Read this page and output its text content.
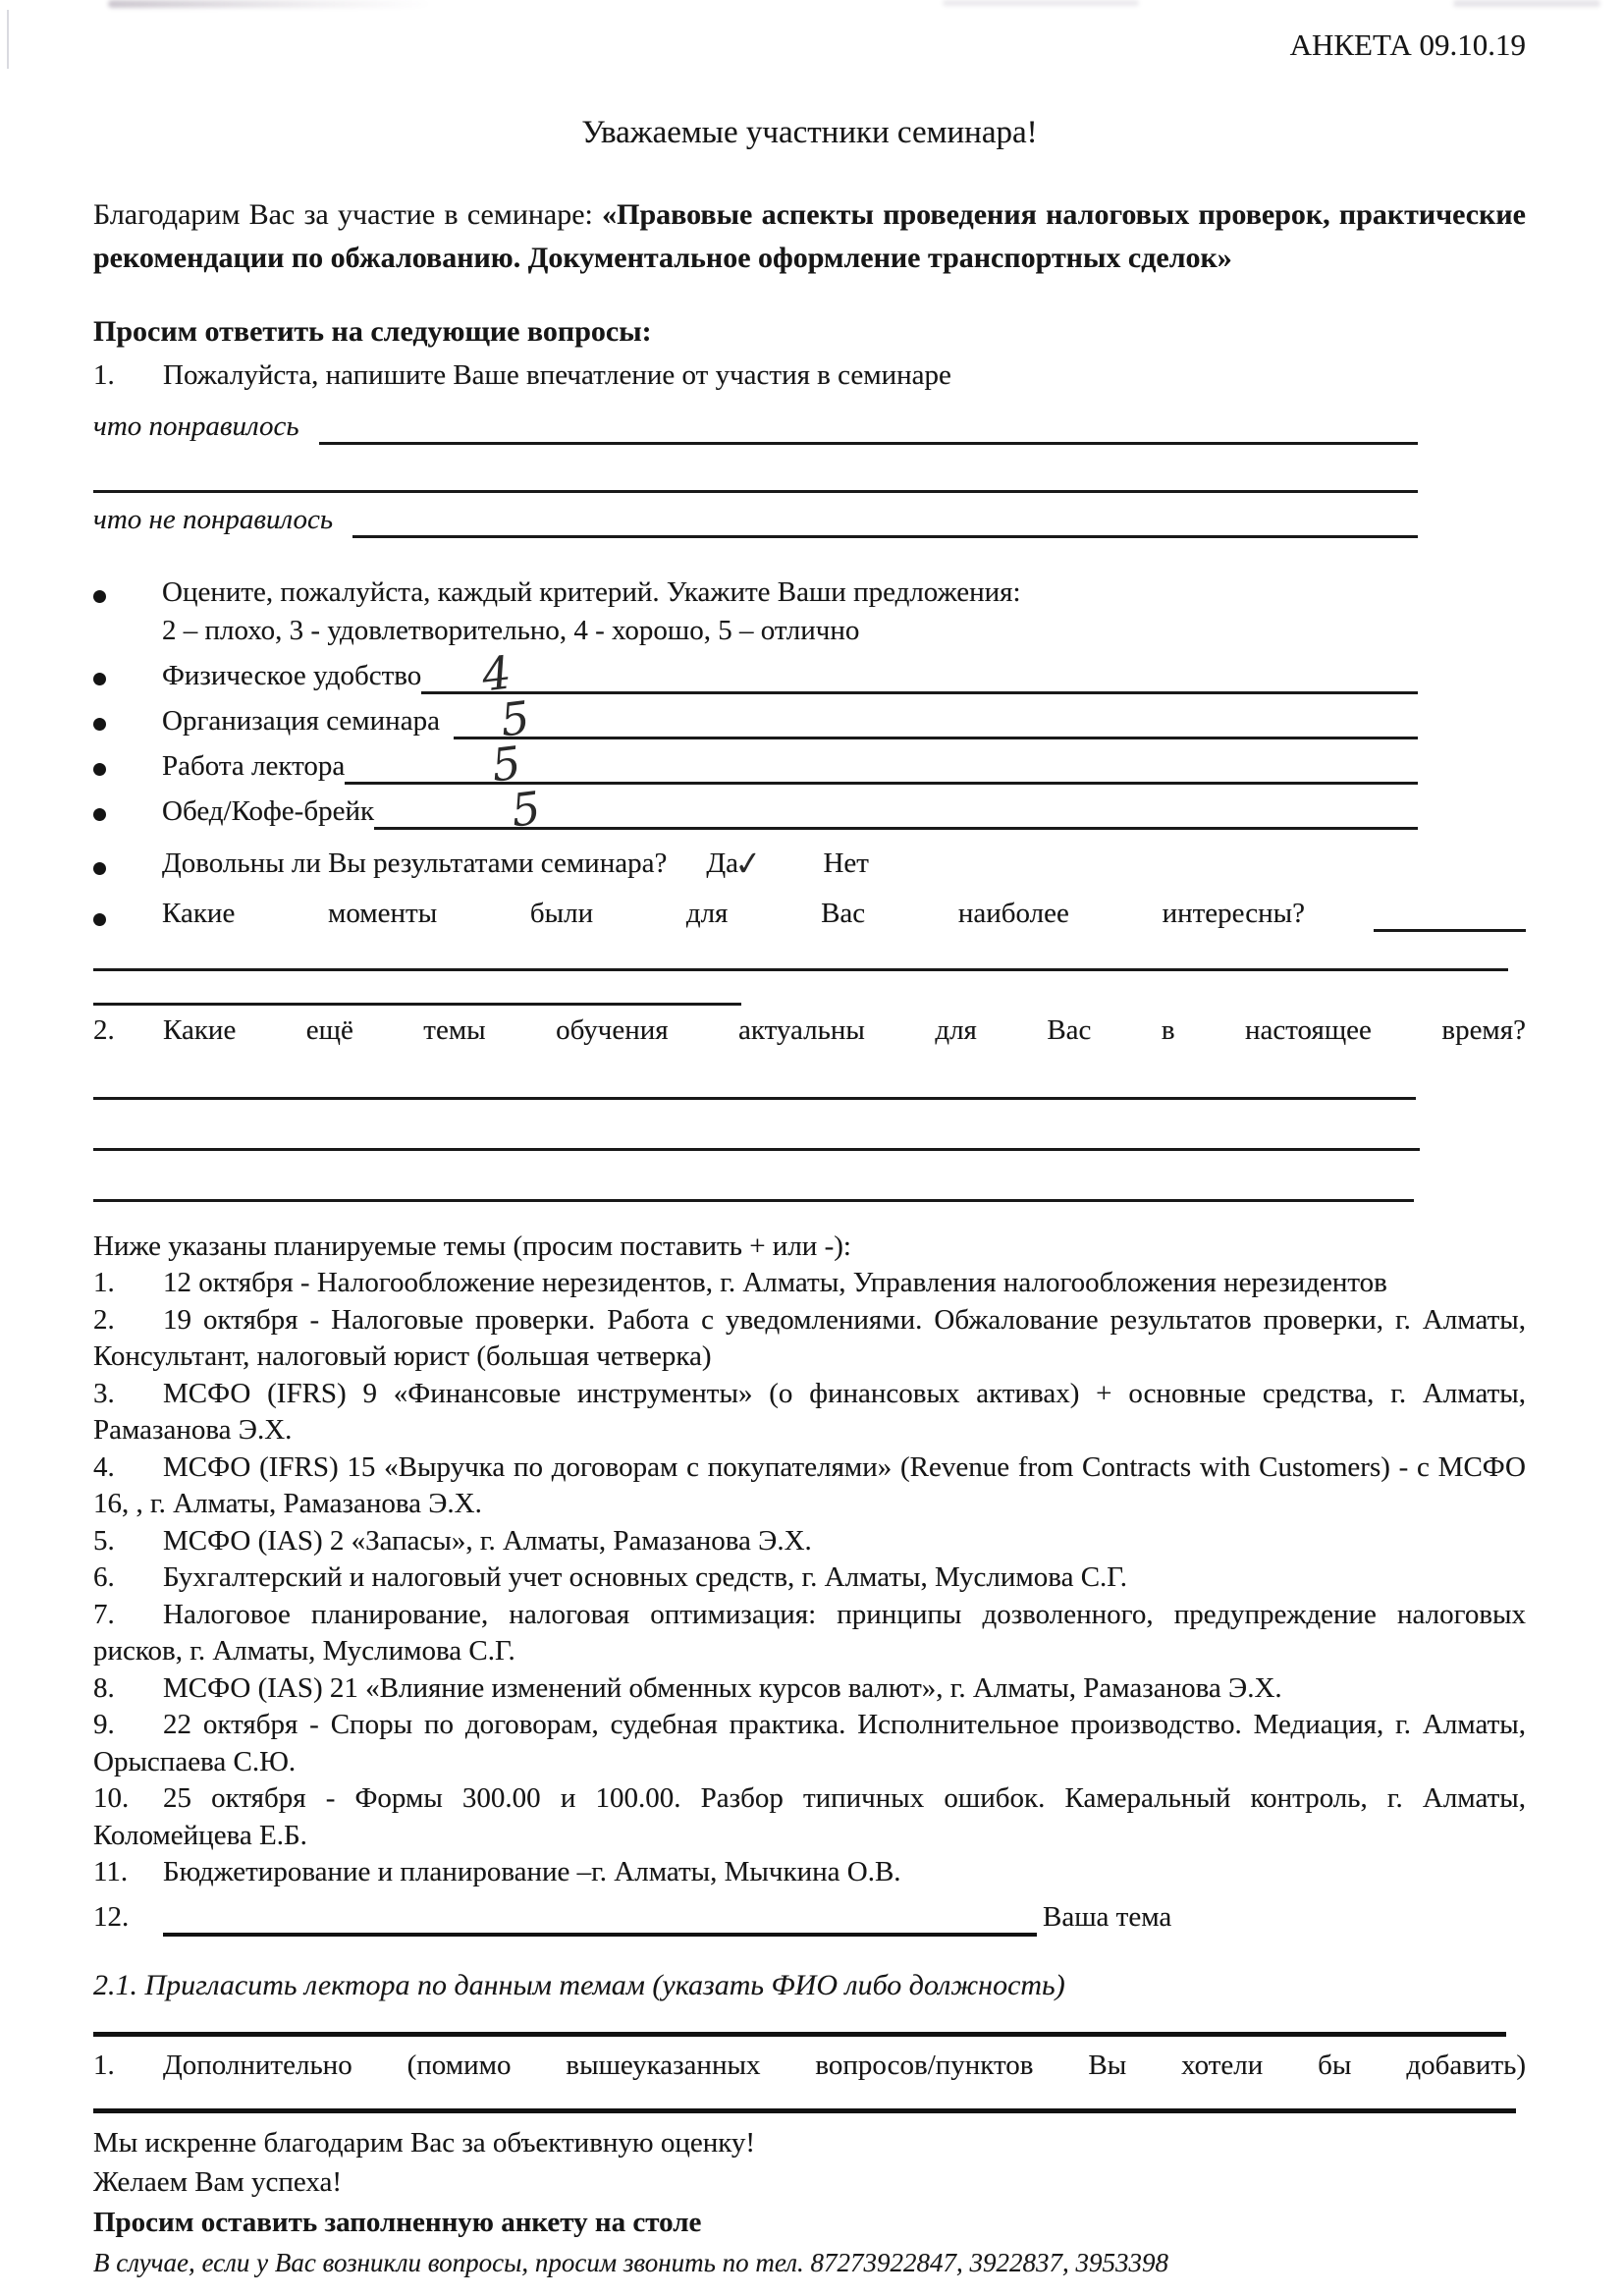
АНКЕТА 09.10.19
Уважаемые участники семинара!

Благодарим Вас за участие в семинаре: «Правовые аспекты проведения налоговых проверок, практические рекомендации по обжалованию. Документальное оформление транспортных сделок»

Просим ответить на следующие вопросы:
1.	Пожалуйста, напишите Ваше впечатление от участия в семинаре
что понравилось
что не понравилось
Оцените, пожалуйста, каждый критерий. Укажите Ваши предложения:
2 – плохо, 3 - удовлетворительно, 4 - хорошо, 5 – отлично
Физическое удобство	4
Организация семинара	5
Работа лектора	5
Обед/Кофе-брейк	5
Довольны ли Вы результатами семинара? Да✓ Нет
Какие моменты были для Вас наиболее интересны?
2.	Какие ещё темы обучения актуальны для Вас в настоящее время?
Ниже указаны планируемые темы (просим поставить + или -):

1. 12 октября - Налогообложение нерезидентов, г. Алматы, Управления налогообложения нерезидентов

2. 19 октября - Налоговые проверки. Работа с уведомлениями. Обжалование результатов проверки, г. Алматы, Консультант, налоговый юрист (большая четверка)

3. МСФО (IFRS) 9 «Финансовые инструменты» (о финансовых активах) + основные средства, г. Алматы, Рамазанова Э.Х.

4. МСФО (IFRS) 15 «Выручка по договорам с покупателями» (Revenue from Contracts with Customers) - с МСФО 16, , г. Алматы, Рамазанова Э.Х.

5. МСФО (IAS) 2 «Запасы», г. Алматы, Рамазанова Э.Х.

6. Бухгалтерский и налоговый учет основных средств, г. Алматы, Муслимова С.Г.

7. Налоговое планирование, налоговая оптимизация: принципы дозволенного, предупреждение налоговых рисков, г. Алматы, Муслимова С.Г.

8. МСФО (IAS) 21 «Влияние изменений обменных курсов валют», г. Алматы, Рамазанова Э.Х.

9. 22 октября - Споры по договорам, судебная практика. Исполнительное производство. Медиация, г. Алматы, Орыспаева С.Ю.

10. 25 октября - Формы 300.00 и 100.00. Разбор типичных ошибок. Камеральный контроль, г. Алматы, Коломейцева Е.Б.

11. Бюджетирование и планирование –г. Алматы, Мычкина О.В.

12.	Ваша тема
2.1. Пригласить лектора по данным темам (указать ФИО либо должность)
1.	Дополнительно (помимо вышеуказанных вопросов/пунктов Вы хотели бы добавить)
Мы искренне благодарим Вас за объективную оценку!
Желаем Вам успеха!
Просим оставить заполненную анкету на столе
В случае, если у Вас возникли вопросы, просим звонить по тел. 87273922847, 3922837, 3953398
